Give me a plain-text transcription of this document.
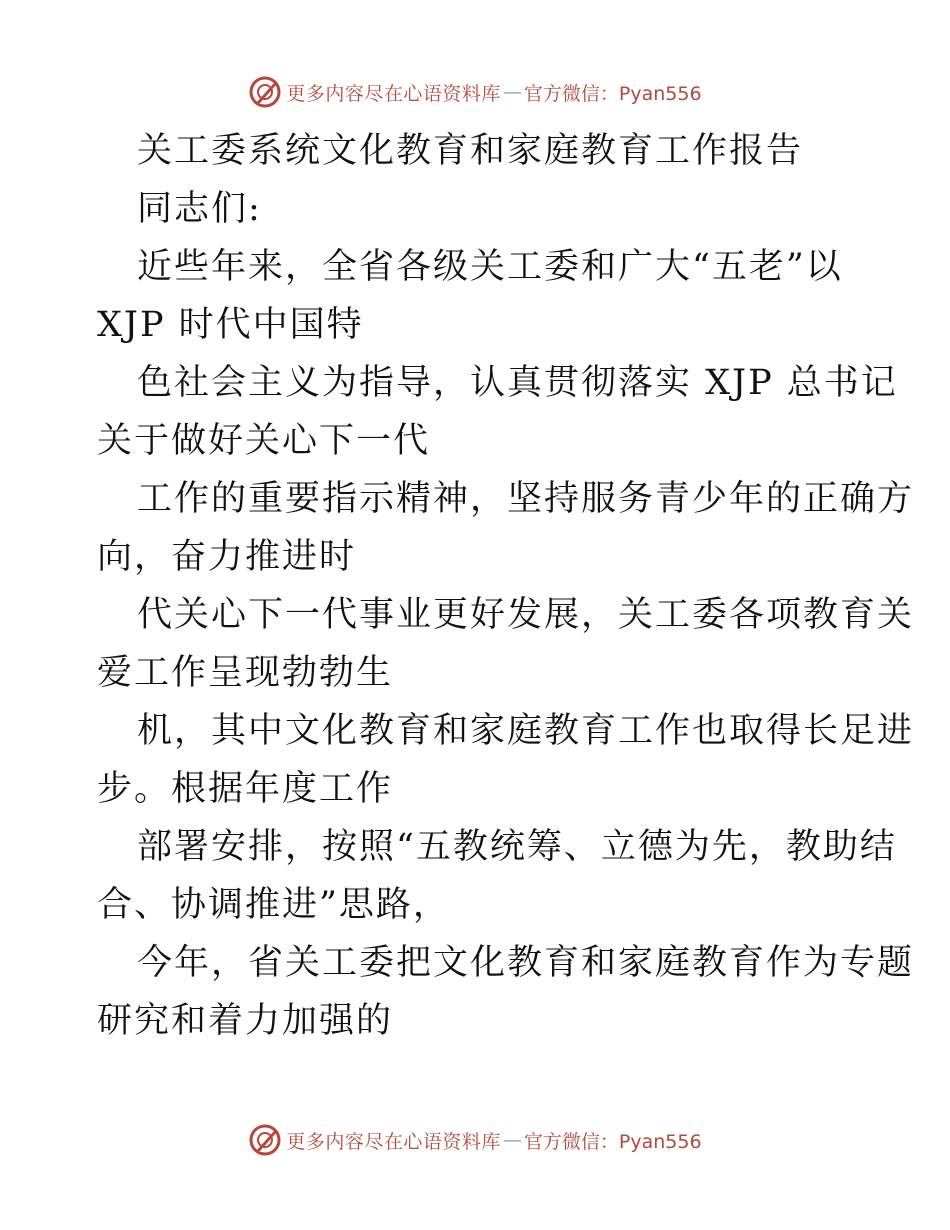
更多内容尽在心语资料库 — 官方微信：Pyan556
关工委系统文化教育和家庭教育工作报告
同志们:
近些年来，全省各级关工委和广大“五老”以
XJP 时代中国特
色社会主义为指导，认真贯彻落实 XJP 总书记
关于做好关心下一代
工作的重要指示精神，坚持服务青少年的正确方
向，奋力推进时
代关心下一代事业更好发展，关工委各项教育关
爱工作呈现勃勃生
机，其中文化教育和家庭教育工作也取得长足进
步。根据年度工作
部署安排，按照“五教统筹、立德为先，教助结
合、协调推进”思路，
今年，省关工委把文化教育和家庭教育作为专题
研究和着力加强的
更多内容尽在心语资料库 — 官方微信：Pyan556
